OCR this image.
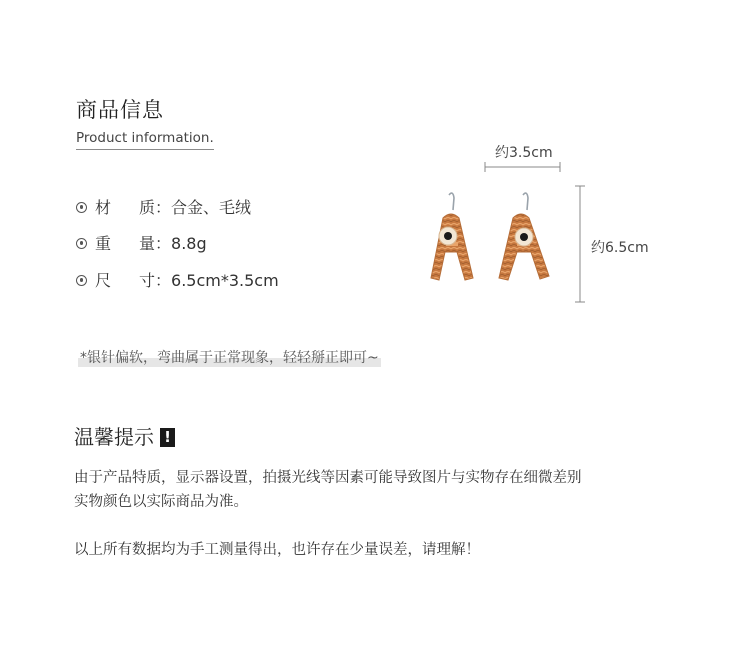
商品信息
Product information.
材 质：合金、毛绒
重 量：8.8g
尺 寸：6.5cm*3.5cm
约3.5cm
约6.5cm
*银针偏软，弯曲属于正常现象，轻轻掰正即可~
温馨提示 !
由于产品特质，显示器设置，拍摄光线等因素可能导致图片与实物存在细微差别
实物颜色以实际商品为准。
以上所有数据均为手工测量得出，也许存在少量误差，请理解！
